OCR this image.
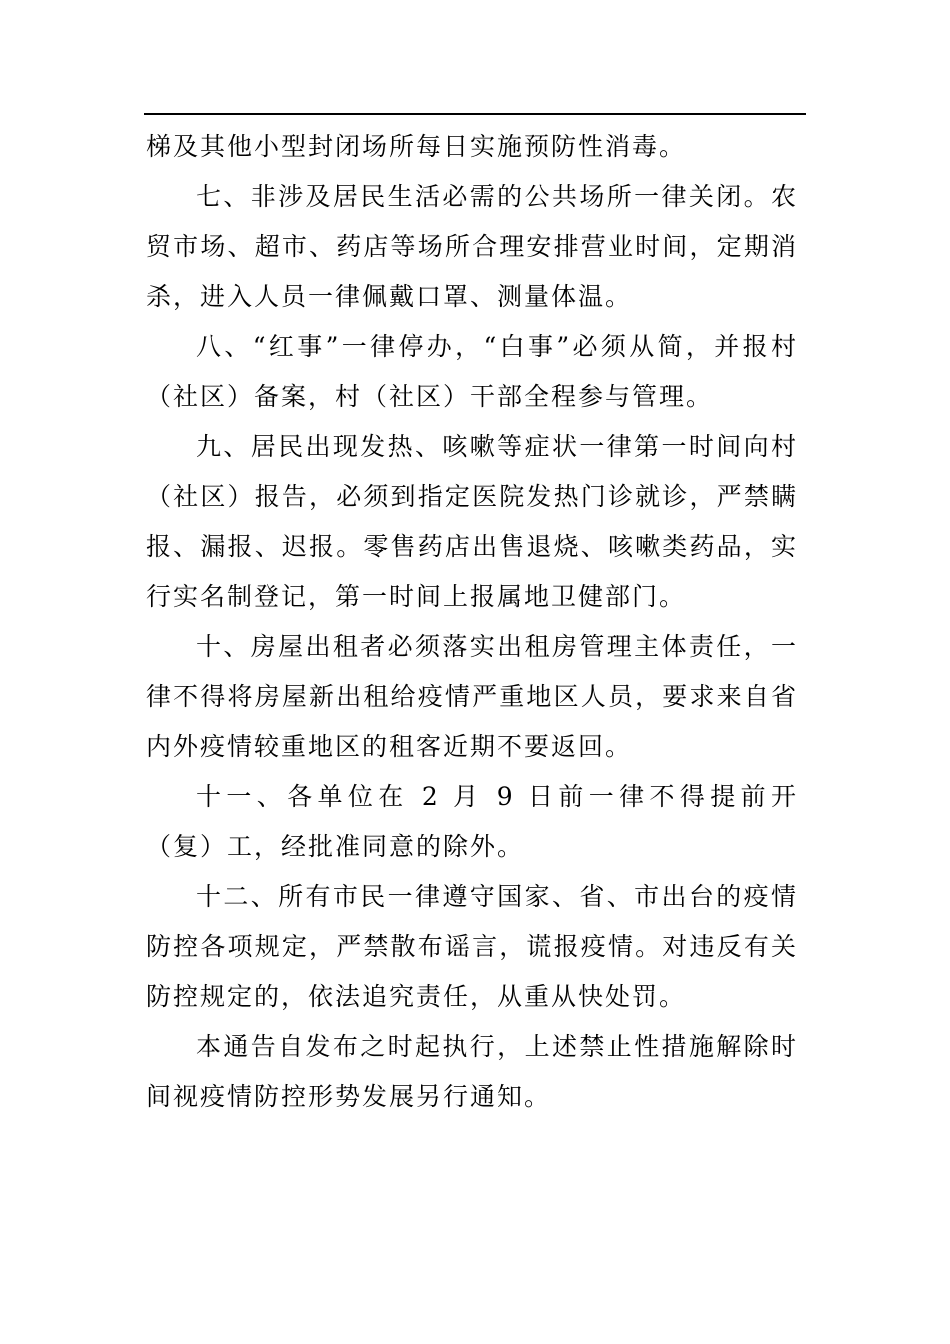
梯及其他小型封闭场所每日实施预防性消毒。

七、非涉及居民生活必需的公共场所一律关闭。农贸市场、超市、药店等场所合理安排营业时间，定期消杀，进入人员一律佩戴口罩、测量体温。

八、“红事”一律停办，“白事”必须从简，并报村（社区）备案，村（社区）干部全程参与管理。

九、居民出现发热、咳嗽等症状一律第一时间向村（社区）报告，必须到指定医院发热门诊就诊，严禁瞒报、漏报、迟报。零售药店出售退烧、咳嗽类药品，实行实名制登记，第一时间上报属地卫健部门。

十、房屋出租者必须落实出租房管理主体责任，一律不得将房屋新出租给疫情严重地区人员，要求来自省内外疫情较重地区的租客近期不要返回。

十一、各单位在 2 月 9 日前一律不得提前开（复）工，经批准同意的除外。

十二、所有市民一律遵守国家、省、市出台的疫情防控各项规定，严禁散布谣言，谎报疫情。对违反有关防控规定的，依法追究责任，从重从快处罚。

本通告自发布之时起执行，上述禁止性措施解除时间视疫情防控形势发展另行通知。
